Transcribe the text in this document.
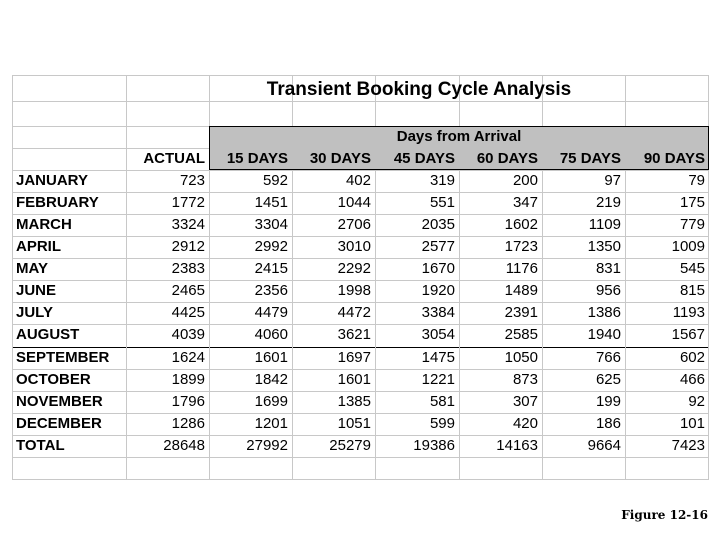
Transient Booking Cycle Analysis
Days from Arrival
ACTUAL	15 DAYS	30 DAYS	45 DAYS	60 DAYS	75 DAYS	90 DAYS
JANUARY	723	592	402	319	200	97	79
FEBRUARY	1772	1451	1044	551	347	219	175
MARCH	3324	3304	2706	2035	1602	1109	779
APRIL	2912	2992	3010	2577	1723	1350	1009
MAY	2383	2415	2292	1670	1176	831	545
JUNE	2465	2356	1998	1920	1489	956	815
JULY	4425	4479	4472	3384	2391	1386	1193
AUGUST	4039	4060	3621	3054	2585	1940	1567
SEPTEMBER	1624	1601	1697	1475	1050	766	602
OCTOBER	1899	1842	1601	1221	873	625	466
NOVEMBER	1796	1699	1385	581	307	199	92
DECEMBER	1286	1201	1051	599	420	186	101
TOTAL	28648	27992	25279	19386	14163	9664	7423
Figure 12-16
